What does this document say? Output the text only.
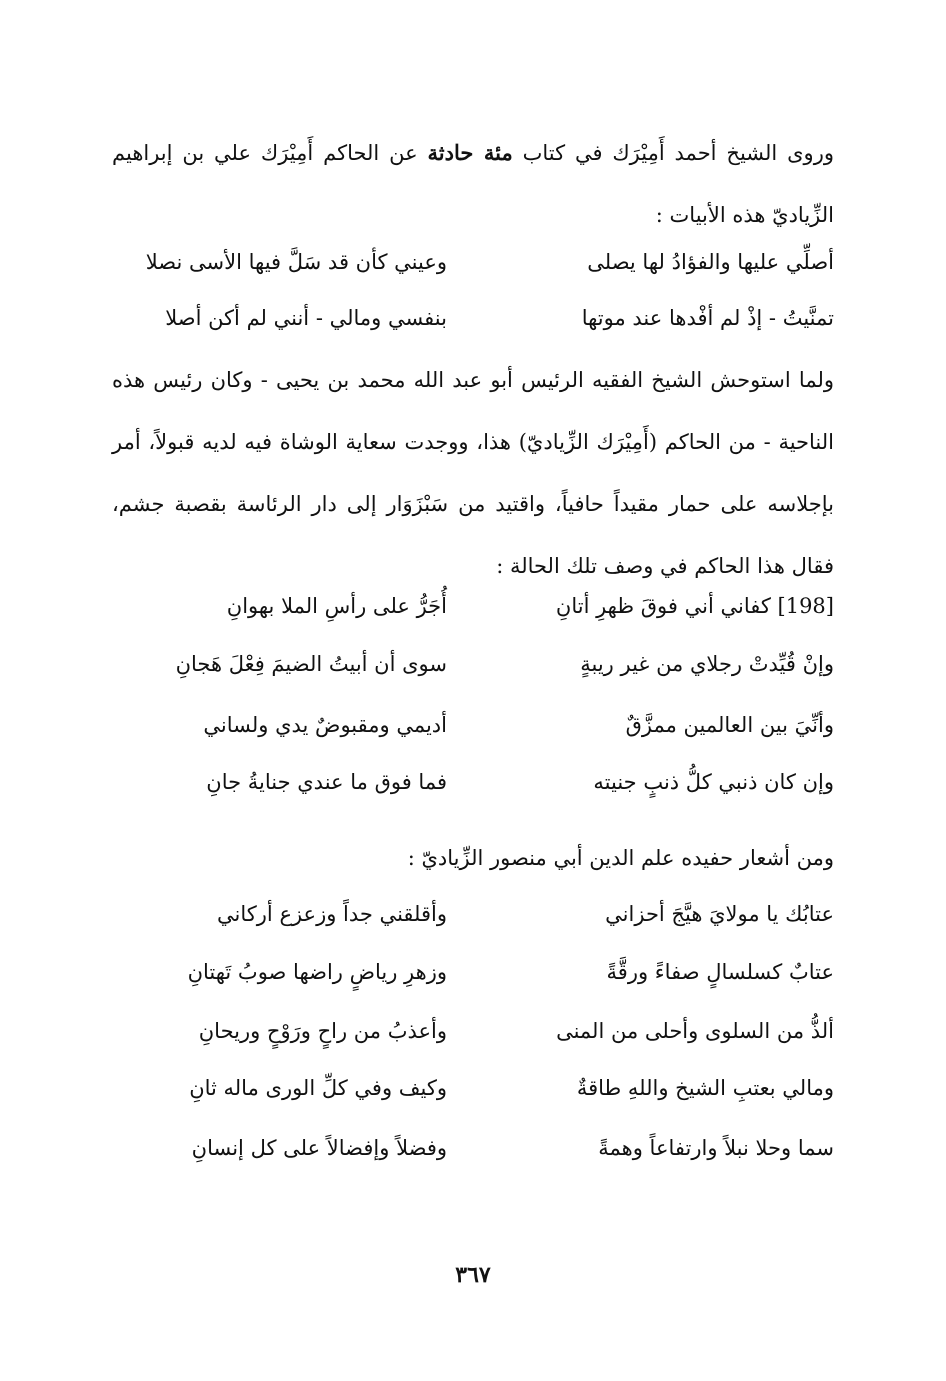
وروى الشيخ أحمد أَمِيْرَك في كتاب مئة حادثة عن الحاكم أَمِيْرَك علي بن إبراهيم الزِّياديّ هذه الأبيات :
أصلِّي عليها والفؤادُ لها يصلى
وعيني كأن قد سَلَّ فيها الأسى نصلا
تمنَّيتُ - إذْ لم أفْدها عند موتها
بنفسي ومالي - أنني لم أكن أصلا
ولما استوحش الشيخ الفقيه الرئيس أبو عبد الله محمد بن يحيى - وكان رئيس هذه الناحية - من الحاكم (أَمِيْرَك الزِّياديّ) هذا، ووجدت سعاية الوشاة فيه لديه قبولاً، أمر بإجلاسه على حمار مقيداً حافياً، واقتيد من سَبْزَوَار إلى دار الرئاسة بقصبة جشم، فقال هذا الحاكم في وصف تلك الحالة :
[198] كفاني أني فوقَ ظهرِ أتانِ
أُجَرُّ على رأسِ الملا بهوانِ
وإنْ قُيِّدتْ رجلاي من غير ريبةٍ
سوى أن أبيتُ الضيمَ فِعْلَ هَجانِ
وأنِّيَ بين العالمين ممزَّقٌ
أديمي ومقبوضٌ يدي ولساني
وإن كان ذنبي كلُّ ذنبٍ جنيته
فما فوق ما عندي جنايةُ جانِ
ومن أشعار حفيده علم الدين أبي منصور الزِّياديّ :
عتابُك يا مولايَ هيَّجَ أحزاني
وأقلقني جداً وزعزع أركاني
عتابٌ كسلسالٍ صفاءً ورقَّةً
وزهرِ رياضٍ راضها صوبُ تَهتانِ
ألذُّ من السلوى وأحلى من المنى
وأعذبُ من راحٍ ورَوْحٍ وريحانِ
ومالي بعتبِ الشيخ واللهِ طاقةٌ
وكيف وفي كلِّ الورى ماله ثانِ
سما وحلا نبلاً وارتفاعاً وهمةً
وفضلاً وإفضالاً على كل إنسانِ
٣٦٧
